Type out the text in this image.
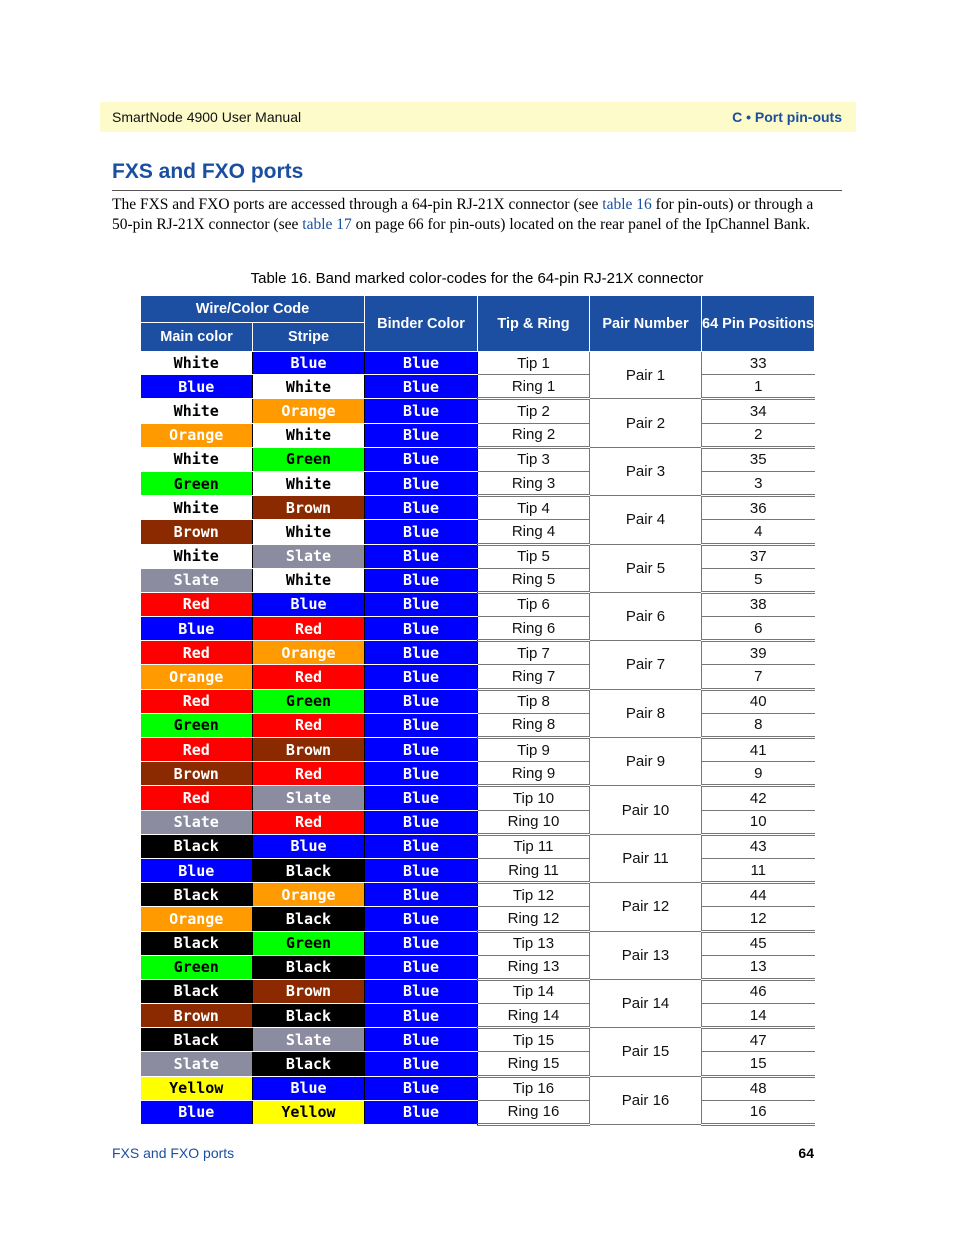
SmartNode 4900 User Manual	C • Port pin-outs
FXS and FXO ports

The FXS and FXO ports are accessed through a 64-pin RJ-21X connector (see table 16 for pin-outs) or through a 50-pin RJ-21X connector (see table 17 on page 66 for pin-outs) located on the rear panel of the IpChannel Bank.

Table 16. Band marked color-codes for the 64-pin RJ-21X connector
Wire/Color Code		Binder Color	Tip & Ring	Pair Number	64 Pin Positions
Main color	Stripe				
White	Blue	Blue	Tip 1	Pair 1	33
Blue	White	Blue	Ring 1		1
White	Orange	Blue	Tip 2	Pair 2	34
Orange	White	Blue	Ring 2		2
White	Green	Blue	Tip 3	Pair 3	35
Green	White	Blue	Ring 3		3
White	Brown	Blue	Tip 4	Pair 4	36
Brown	White	Blue	Ring 4		4
White	Slate	Blue	Tip 5	Pair 5	37
Slate	White	Blue	Ring 5		5
Red	Blue	Blue	Tip 6	Pair 6	38
Blue	Red	Blue	Ring 6		6
Red	Orange	Blue	Tip 7	Pair 7	39
Orange	Red	Blue	Ring 7		7
Red	Green	Blue	Tip 8	Pair 8	40
Green	Red	Blue	Ring 8		8
Red	Brown	Blue	Tip 9	Pair 9	41
Brown	Red	Blue	Ring 9		9
Red	Slate	Blue	Tip 10	Pair 10	42
Slate	Red	Blue	Ring 10		10
Black	Blue	Blue	Tip 11	Pair 11	43
Blue	Black	Blue	Ring 11		11
Black	Orange	Blue	Tip 12	Pair 12	44
Orange	Black	Blue	Ring 12		12
Black	Green	Blue	Tip 13	Pair 13	45
Green	Black	Blue	Ring 13		13
Black	Brown	Blue	Tip 14	Pair 14	46
Brown	Black	Blue	Ring 14		14
Black	Slate	Blue	Tip 15	Pair 15	47
Slate	Black	Blue	Ring 15		15
Yellow	Blue	Blue	Tip 16	Pair 16	48
Blue	Yellow	Blue	Ring 16		16
FXS and FXO ports	64
